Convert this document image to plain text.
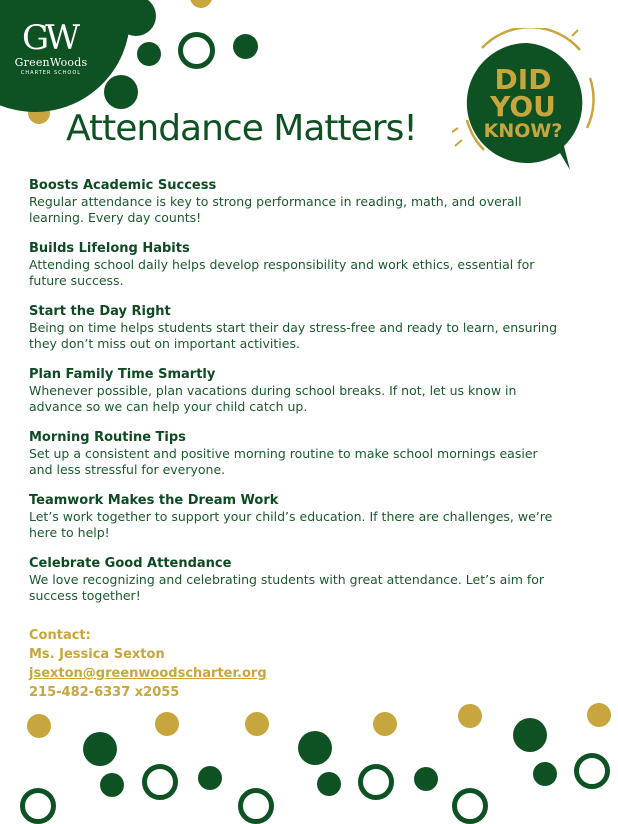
GW
GreenWoods
CHARTER SCHOOL
Attendance Matters!
DID
YOU
KNOW?
Boosts Academic Success

Regular attendance is key to strong performance in reading, math, and overall learning. Every day counts!

Builds Lifelong Habits

Attending school daily helps develop responsibility and work ethics, essential for future success.

Start the Day Right

Being on time helps students start their day stress-free and ready to learn, ensuring they don’t miss out on important activities.

Plan Family Time Smartly

Whenever possible, plan vacations during school breaks. If not, let us know in advance so we can help your child catch up.

Morning Routine Tips

Set up a consistent and positive morning routine to make school mornings easier and less stressful for everyone.

Teamwork Makes the Dream Work

Let’s work together to support your child’s education. If there are challenges, we’re here to help!

Celebrate Good Attendance

We love recognizing and celebrating students with great attendance. Let’s aim for success together!

Contact:
Ms. Jessica Sexton
jsexton@greenwoodscharter.org
215-482-6337 x2055
